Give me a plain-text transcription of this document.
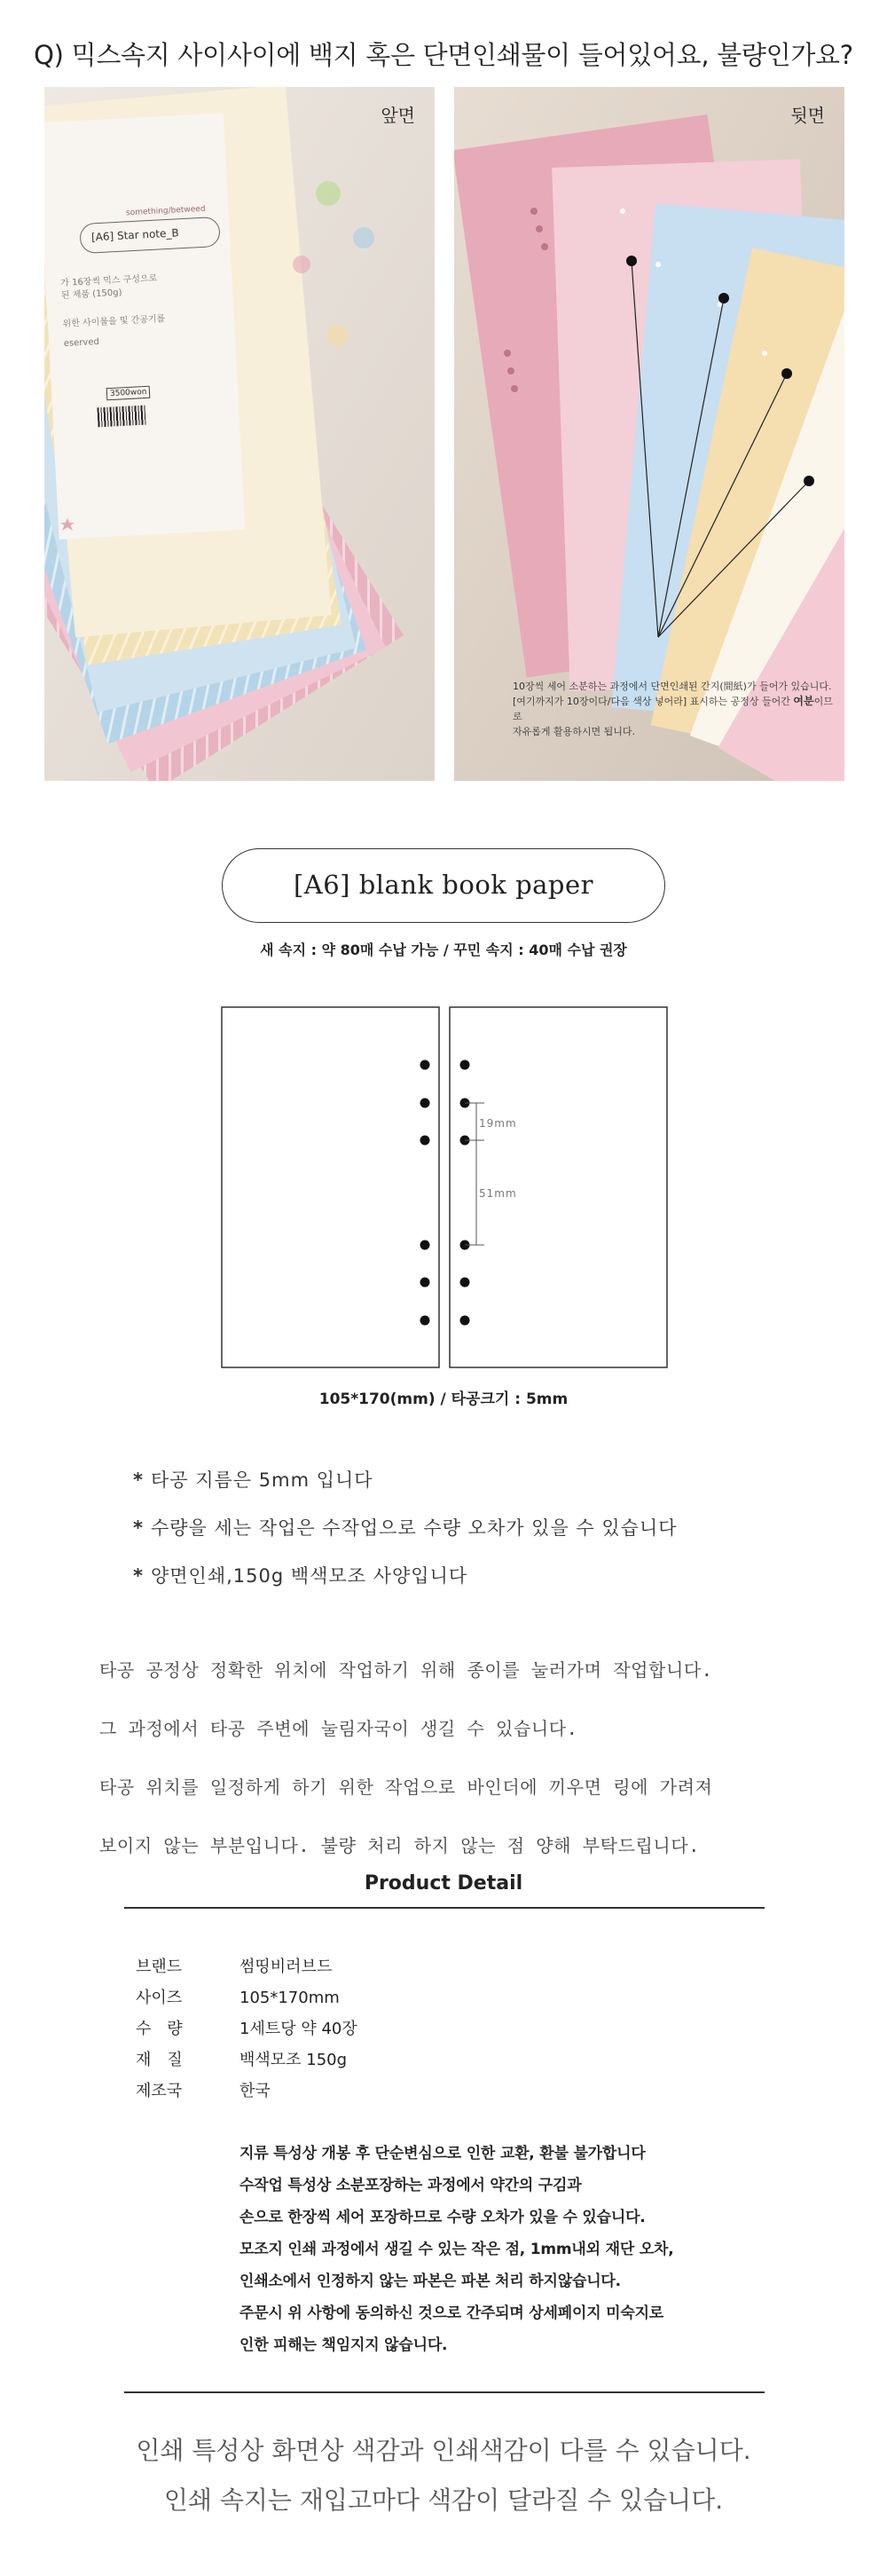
Q) 믹스속지 사이사이에 백지 혹은 단면인쇄물이 들어있어요, 불량인가요?
something/betweed
[A6] Star note_B
가 16장씩 믹스 구성으로
된 제품 (150g)
위한 사이물을 및 간공기를
eserved
3500won
앞면
10장씩 세어 소분하는 과정에서 단면인쇄된 간지(間紙)가 들어가 있습니다.
[여기까지가 10장이다/다음 색상 넣어라] 표시하는 공정상 들어간 여분이므로
자유롭게 활용하시면 됩니다.
뒷면
[A6] blank book paper
새 속지 : 약 80매 수납 가능 / 꾸민 속지 : 40매 수납 권장
19mm
51mm
105*170(mm) / 타공크기 : 5mm
* 타공 지름은 5mm 입니다
* 수량을 세는 작업은 수작업으로 수량 오차가 있을 수 있습니다
* 양면인쇄,150g 백색모조 사양입니다

타공 공정상 정확한 위치에 작업하기 위해 종이를 눌러가며 작업합니다.

그 과정에서 타공 주변에 눌림자국이 생길 수 있습니다.

타공 위치를 일정하게 하기 위한 작업으로 바인더에 끼우면 링에 가려져

보이지 않는 부분입니다. 불량 처리 하지 않는 점 양해 부탁드립니다.

Product Detail
브랜드	썸띵비러브드
사이즈	105*170mm
수　량	1세트당 약 40장
재　질	백색모조 150g
제조국	한국
지류 특성상 개봉 후 단순변심으로 인한 교환, 환불 불가합니다
수작업 특성상 소분포장하는 과정에서 약간의 구김과
손으로 한장씩 세어 포장하므로 수량 오차가 있을 수 있습니다.
모조지 인쇄 과정에서 생길 수 있는 작은 점, 1mm내외 재단 오차,
인쇄소에서 인정하지 않는 파본은 파본 처리 하지않습니다.
주문시 위 사항에 동의하신 것으로 간주되며 상세페이지 미숙지로
인한 피해는 책임지지 않습니다.
인쇄 특성상 화면상 색감과 인쇄색감이 다를 수 있습니다.
인쇄 속지는 재입고마다 색감이 달라질 수 있습니다.
